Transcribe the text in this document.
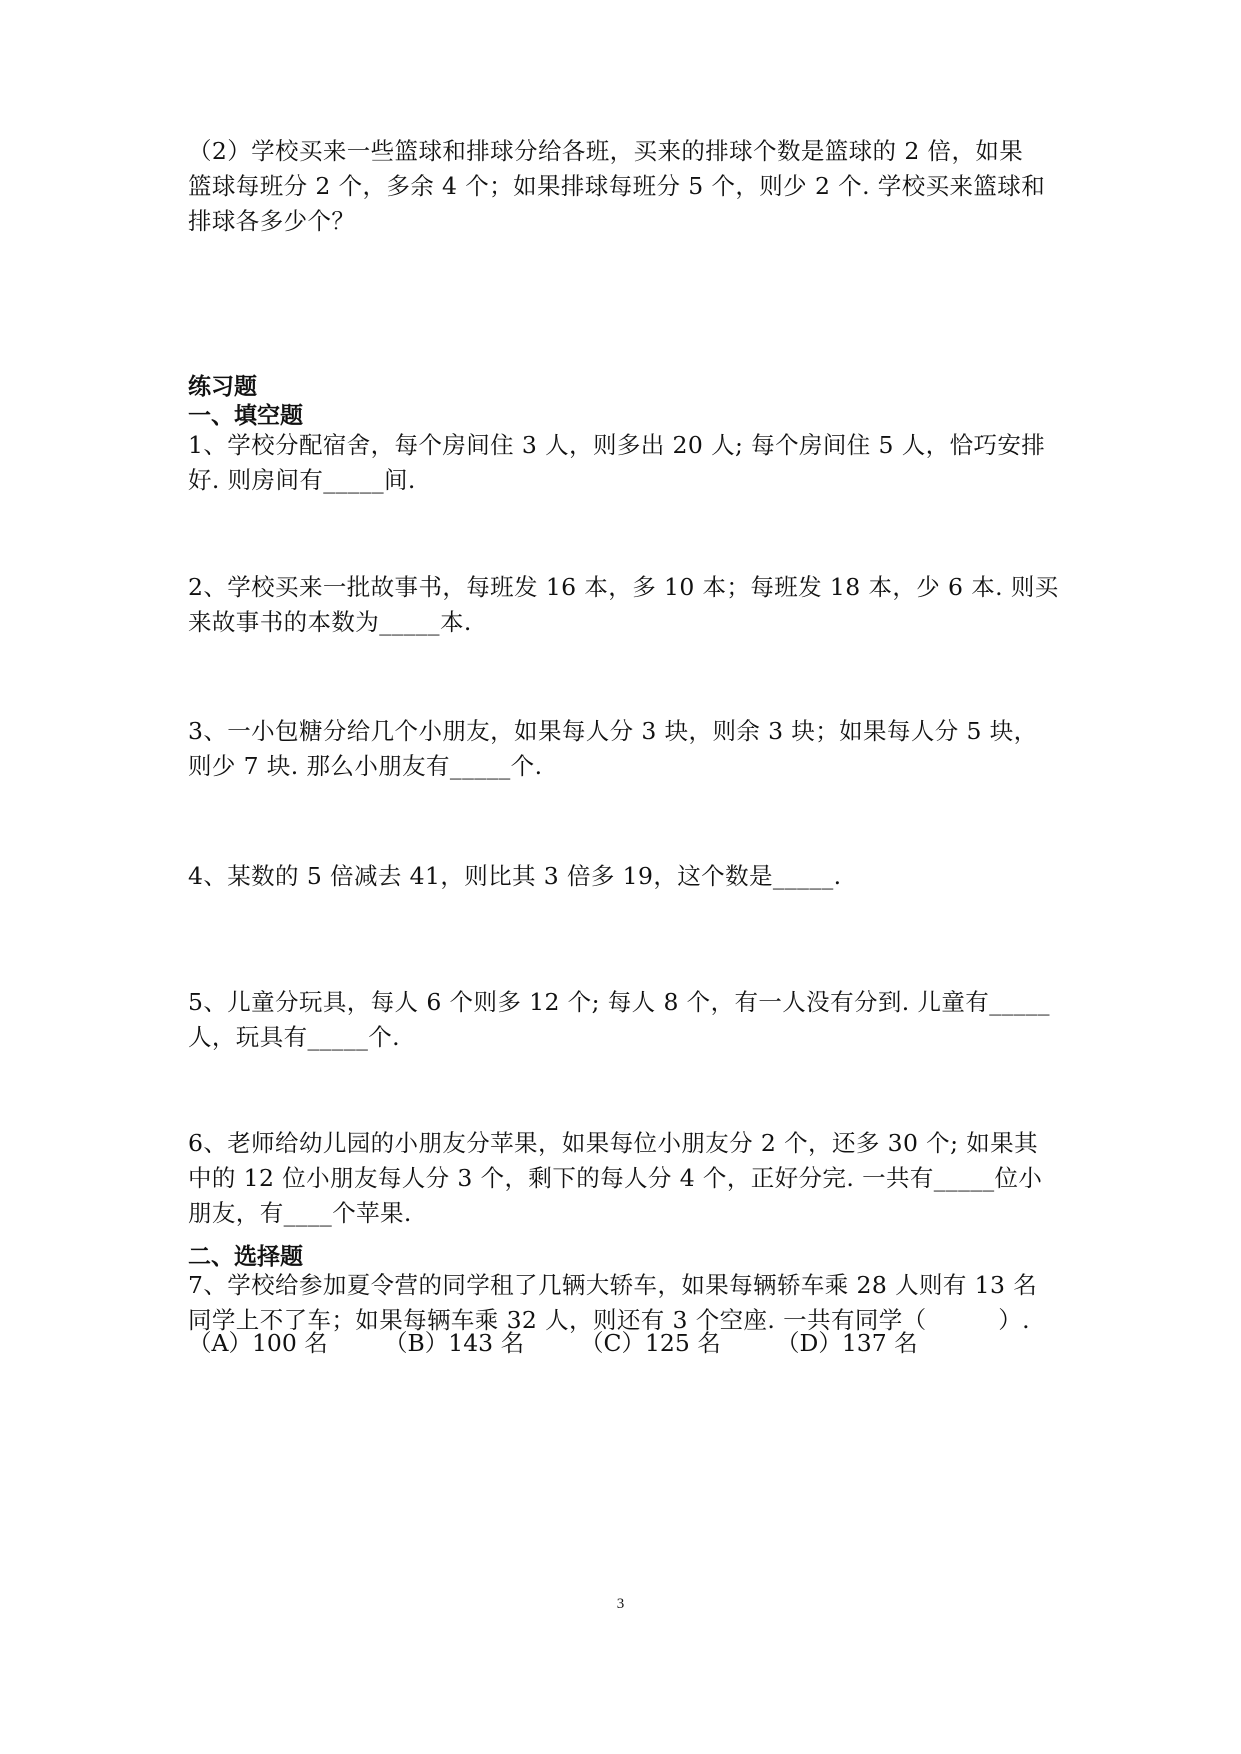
（2）学校买来一些篮球和排球分给各班，买来的排球个数是篮球的 2 倍，如果
篮球每班分 2 个，多余 4 个；如果排球每班分 5 个，则少 2 个. 学校买来篮球和
排球各多少个？
练习题
一、填空题
1、学校分配宿舍，每个房间住 3 人，则多出 20 人; 每个房间住 5 人，恰巧安排
好. 则房间有_____间.
2、学校买来一批故事书，每班发 16 本，多 10 本；每班发 18 本，少 6 本. 则买
来故事书的本数为_____本.
3、一小包糖分给几个小朋友，如果每人分 3 块，则余 3 块；如果每人分 5 块，
则少 7 块. 那么小朋友有_____个.
4、某数的 5 倍减去 41，则比其 3 倍多 19，这个数是_____.
5、儿童分玩具，每人 6 个则多 12 个; 每人 8 个，有一人没有分到. 儿童有_____
人，玩具有_____个.
6、老师给幼儿园的小朋友分苹果，如果每位小朋友分 2 个，还多 30 个; 如果其
中的 12 位小朋友每人分 3 个，剩下的每人分 4 个，正好分完. 一共有_____位小
朋友，有____个苹果.
二、选择题
7、学校给参加夏令营的同学租了几辆大轿车，如果每辆轿车乘 28 人则有 13 名
同学上不了车；如果每辆车乘 32 人，则还有 3 个空座. 一共有同学（　　　）.
（A）100 名 （B）143 名 （C）125 名 （D）137 名
3
